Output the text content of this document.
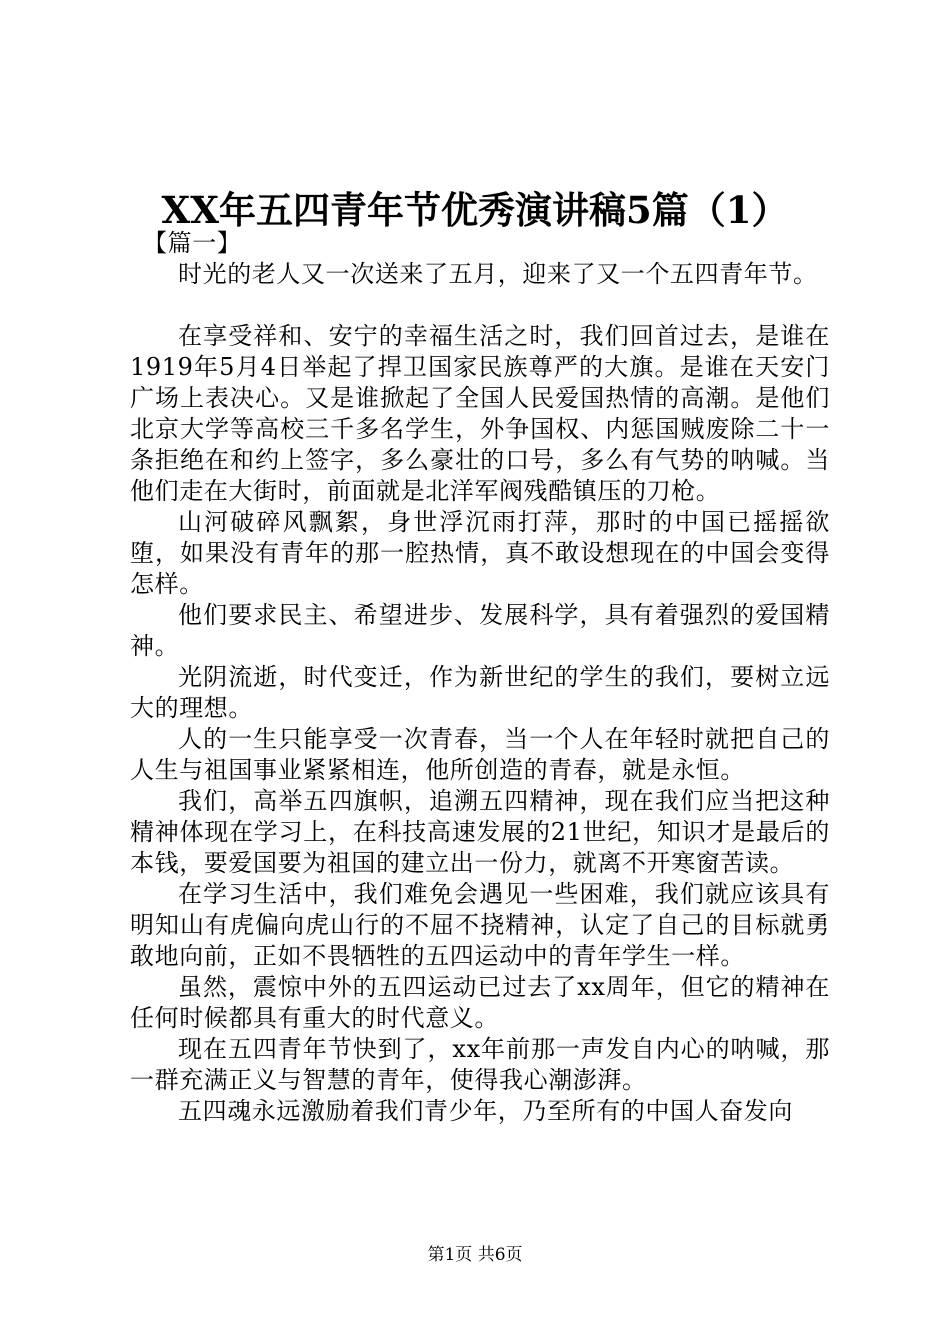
XX年五四青年节优秀演讲稿5篇（1）

【篇一】

时光的老人又一次送来了五月，迎来了又一个五四青年节。

在享受祥和、安宁的幸福生活之时，我们回首过去，是谁在1919年5月4日举起了捍卫国家民族尊严的大旗。是谁在天安门广场上表决心。又是谁掀起了全国人民爱国热情的高潮。是他们北京大学等高校三千多名学生，外争国权、内惩国贼废除二十一条拒绝在和约上签字，多么豪壮的口号，多么有气势的呐喊。当他们走在大街时，前面就是北洋军阀残酷镇压的刀枪。

山河破碎风飘絮，身世浮沉雨打萍，那时的中国已摇摇欲堕，如果没有青年的那一腔热情，真不敢设想现在的中国会变得怎样。

他们要求民主、希望进步、发展科学，具有着强烈的爱国精神。

光阴流逝，时代变迁，作为新世纪的学生的我们，要树立远大的理想。

人的一生只能享受一次青春，当一个人在年轻时就把自己的人生与祖国事业紧紧相连，他所创造的青春，就是永恒。

我们，高举五四旗帜，追溯五四精神，现在我们应当把这种精神体现在学习上，在科技高速发展的21世纪，知识才是最后的本钱，要爱国要为祖国的建立出一份力，就离不开寒窗苦读。

在学习生活中，我们难免会遇见一些困难，我们就应该具有明知山有虎偏向虎山行的不屈不挠精神，认定了自己的目标就勇敢地向前，正如不畏牺牲的五四运动中的青年学生一样。

虽然，震惊中外的五四运动已过去了xx周年，但它的精神在任何时候都具有重大的时代意义。

现在五四青年节快到了，xx年前那一声发自内心的呐喊，那一群充满正义与智慧的青年，使得我心潮澎湃。

五四魂永远激励着我们青少年，乃至所有的中国人奋发向

第1页 共6页
